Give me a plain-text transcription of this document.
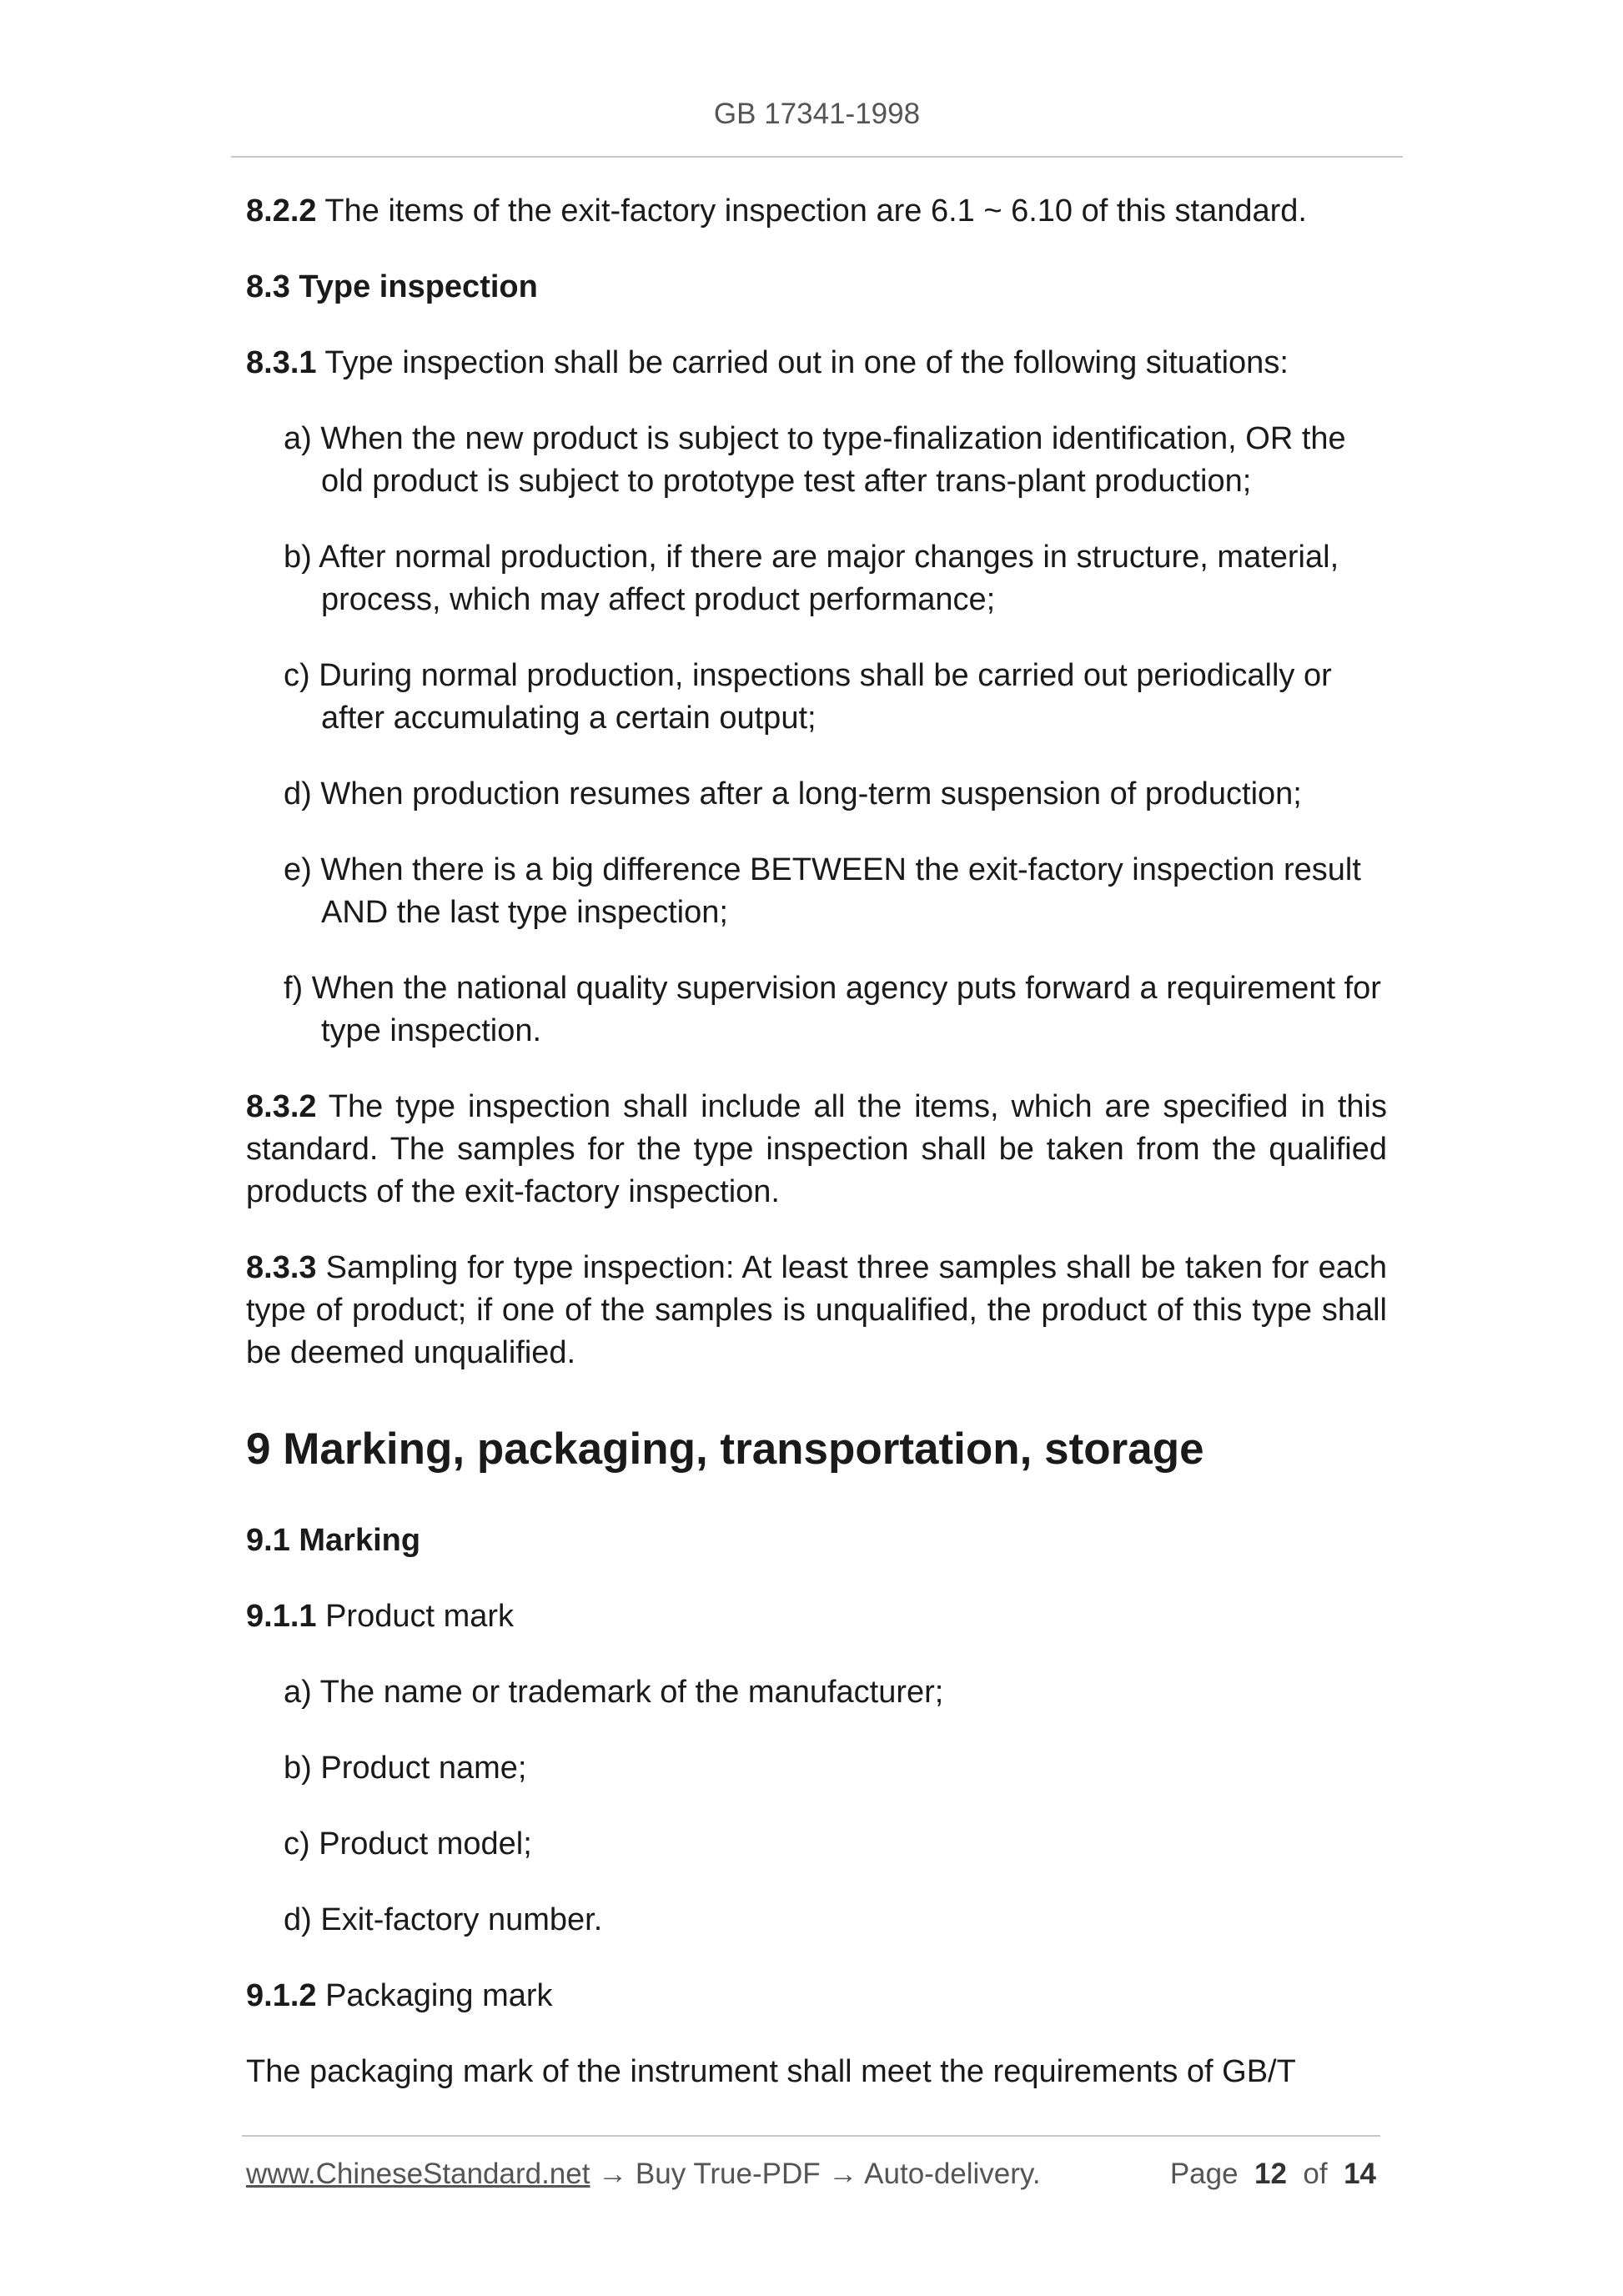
GB 17341-1998

8.2.2 The items of the exit-factory inspection are 6.1 ~ 6.10 of this standard.

8.3 Type inspection

8.3.1 Type inspection shall be carried out in one of the following situations:

a) When the new product is subject to type-finalization identification, OR the old product is subject to prototype test after trans-plant production;

b) After normal production, if there are major changes in structure, material, process, which may affect product performance;

c) During normal production, inspections shall be carried out periodically or after accumulating a certain output;

d) When production resumes after a long-term suspension of production;

e) When there is a big difference BETWEEN the exit-factory inspection result AND the last type inspection;

f) When the national quality supervision agency puts forward a requirement for type inspection.

8.3.2 The type inspection shall include all the items, which are specified in this standard. The samples for the type inspection shall be taken from the qualified products of the exit-factory inspection.

8.3.3 Sampling for type inspection: At least three samples shall be taken for each type of product; if one of the samples is unqualified, the product of this type shall be deemed unqualified.

9 Marking, packaging, transportation, storage

9.1 Marking

9.1.1 Product mark

a) The name or trademark of the manufacturer;

b) Product name;

c) Product model;

d) Exit-factory number.

9.1.2 Packaging mark

The packaging mark of the instrument shall meet the requirements of GB/T

www.ChineseStandard.net → Buy True-PDF → Auto-delivery.	Page 12 of 14
